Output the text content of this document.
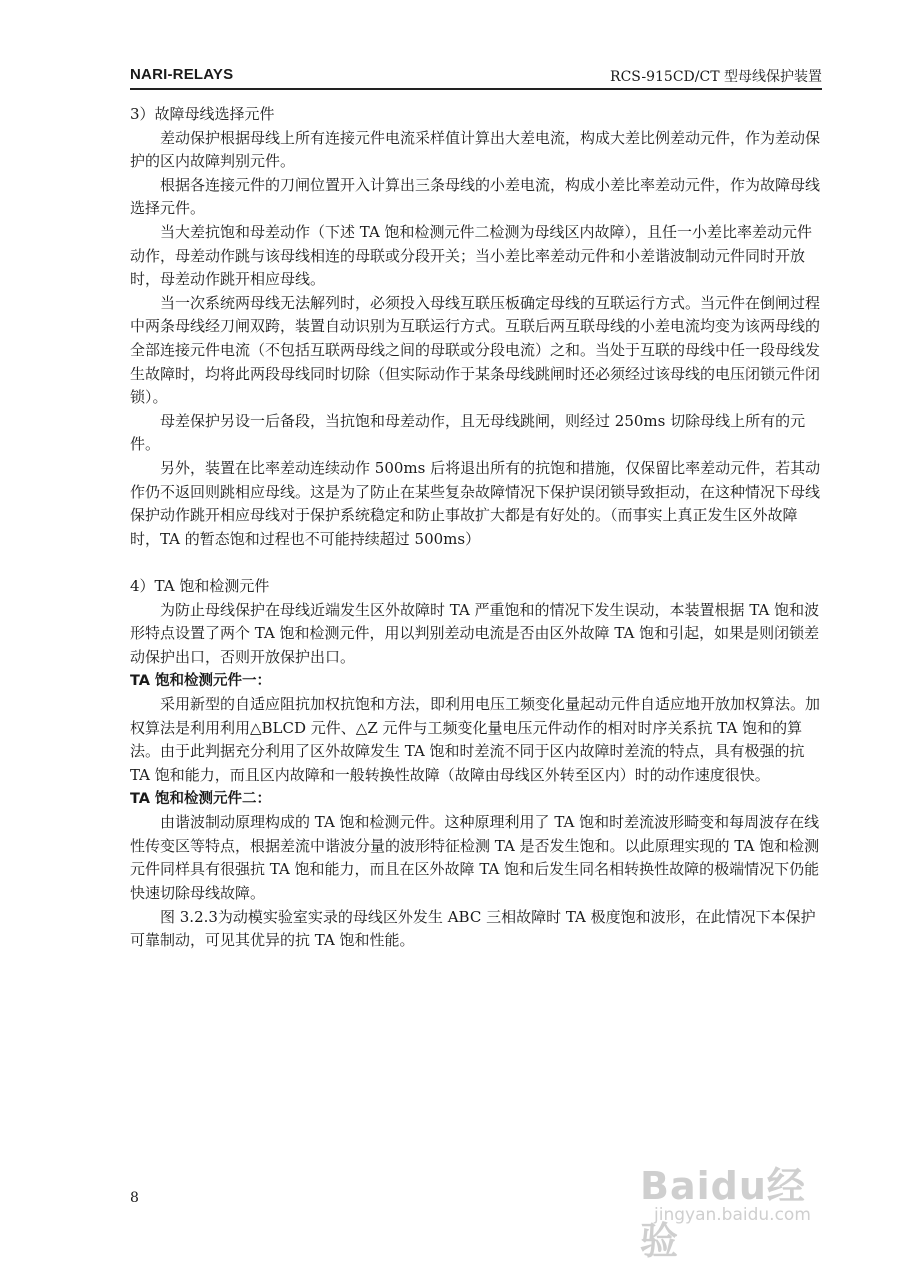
NARI-RELAYS	RCS-915CD/CT 型母线保护装置

3）故障母线选择元件

差动保护根据母线上所有连接元件电流采样值计算出大差电流，构成大差比例差动元件，作为差动保护的区内故障判别元件。

根据各连接元件的刀闸位置开入计算出三条母线的小差电流，构成小差比率差动元件，作为故障母线选择元件。

当大差抗饱和母差动作（下述 TA 饱和检测元件二检测为母线区内故障），且任一小差比率差动元件动作，母差动作跳与该母线相连的母联或分段开关；当小差比率差动元件和小差谐波制动元件同时开放时，母差动作跳开相应母线。

当一次系统两母线无法解列时，必须投入母线互联压板确定母线的互联运行方式。当元件在倒闸过程中两条母线经刀闸双跨，装置自动识别为互联运行方式。互联后两互联母线的小差电流均变为该两母线的全部连接元件电流（不包括互联两母线之间的母联或分段电流）之和。当处于互联的母线中任一段母线发生故障时，均将此两段母线同时切除（但实际动作于某条母线跳闸时还必须经过该母线的电压闭锁元件闭锁）。

母差保护另设一后备段，当抗饱和母差动作，且无母线跳闸，则经过 250ms 切除母线上所有的元件。

另外，装置在比率差动连续动作 500ms 后将退出所有的抗饱和措施，仅保留比率差动元件，若其动作仍不返回则跳相应母线。这是为了防止在某些复杂故障情况下保护误闭锁导致拒动，在这种情况下母线保护动作跳开相应母线对于保护系统稳定和防止事故扩大都是有好处的。（而事实上真正发生区外故障时，TA 的暂态饱和过程也不可能持续超过 500ms）

4）TA 饱和检测元件

为防止母线保护在母线近端发生区外故障时 TA 严重饱和的情况下发生误动，本装置根据 TA 饱和波形特点设置了两个 TA 饱和检测元件，用以判别差动电流是否由区外故障 TA 饱和引起，如果是则闭锁差动保护出口，否则开放保护出口。

TA 饱和检测元件一：

采用新型的自适应阻抗加权抗饱和方法，即利用电压工频变化量起动元件自适应地开放加权算法。加权算法是利用利用△BLCD 元件、△Z 元件与工频变化量电压元件动作的相对时序关系抗 TA 饱和的算法。由于此判据充分利用了区外故障发生 TA 饱和时差流不同于区内故障时差流的特点，具有极强的抗 TA 饱和能力，而且区内故障和一般转换性故障（故障由母线区外转至区内）时的动作速度很快。

TA 饱和检测元件二：

由谐波制动原理构成的 TA 饱和检测元件。这种原理利用了 TA 饱和时差流波形畸变和每周波存在线性传变区等特点，根据差流中谐波分量的波形特征检测 TA 是否发生饱和。以此原理实现的 TA 饱和检测元件同样具有很强抗 TA 饱和能力，而且在区外故障 TA 饱和后发生同名相转换性故障的极端情况下仍能快速切除母线故障。

图 3.2.3为动模实验室实录的母线区外发生 ABC 三相故障时 TA 极度饱和波形，在此情况下本保护可靠制动，可见其优异的抗 TA 饱和性能。

8	Baidu经验
jingyan.baidu.com
